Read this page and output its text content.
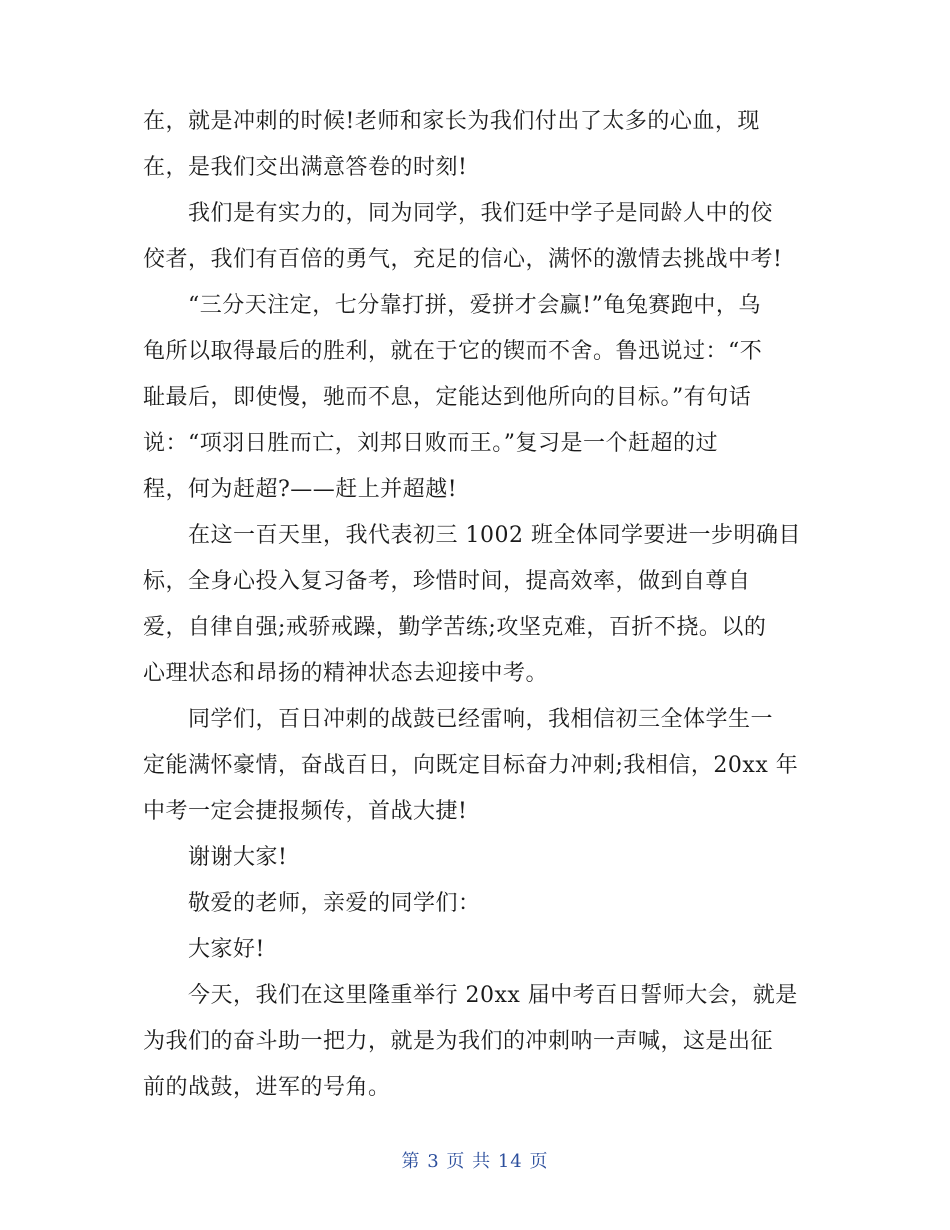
在，就是冲刺的时候!老师和家长为我们付出了太多的心血，现
在，是我们交出满意答卷的时刻!
我们是有实力的，同为同学，我们廷中学子是同龄人中的佼
佼者，我们有百倍的勇气，充足的信心，满怀的激情去挑战中考!
“三分天注定，七分靠打拼，爱拼才会赢!”龟兔赛跑中，乌
龟所以取得最后的胜利，就在于它的锲而不舍。鲁迅说过：“不
耻最后，即使慢，驰而不息，定能达到他所向的目标。”有句话
说：“项羽日胜而亡，刘邦日败而王。”复习是一个赶超的过
程，何为赶超?——赶上并超越!
在这一百天里，我代表初三 1002 班全体同学要进一步明确目
标，全身心投入复习备考，珍惜时间，提高效率，做到自尊自
爱，自律自强;戒骄戒躁，勤学苦练;攻坚克难，百折不挠。以的
心理状态和昂扬的精神状态去迎接中考。
同学们，百日冲刺的战鼓已经雷响，我相信初三全体学生一
定能满怀豪情，奋战百日，向既定目标奋力冲刺;我相信，20xx 年
中考一定会捷报频传，首战大捷!
谢谢大家!
敬爱的老师，亲爱的同学们：
大家好!
今天，我们在这里隆重举行 20xx 届中考百日誓师大会，就是
为我们的奋斗助一把力，就是为我们的冲刺呐一声喊，这是出征
前的战鼓，进军的号角。
第 3 页 共 14 页
